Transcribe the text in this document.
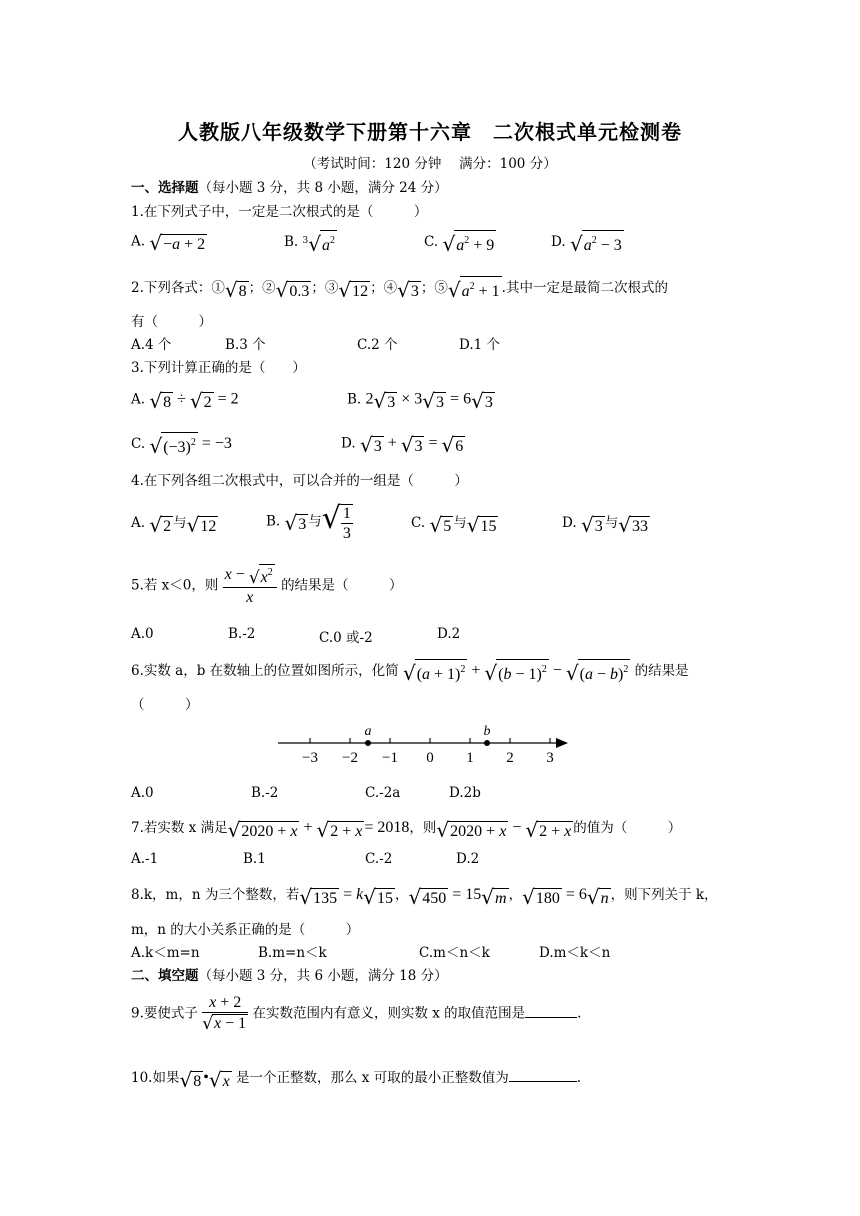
人教版八年级数学下册第十六章　二次根式单元检测卷
（考试时间：120 分钟　 满分：100 分）
一、选择题（每小题 3 分，共 8 小题，满分 24 分）
1.在下列式子中，一定是二次根式的是（　　　）
A. √−a + 2	B. $^3√a^2$	C. $√a^2 + 9$	D. $√a^2 - 3$
2.下列各式：①√8 ；②√0.3 ；③√12 ；④√3 ；$⑤√a^2 + 1$ .其中一定是最简二次根式的
有（　　　）
A.4 个	B.3 个	C.2 个	D.1 个
3.下列计算正确的是（　　）
A. √8 ÷ √2 = 2	B. 2√3 × 3√3 = 6√3
C. $√(-3)^2 = -3$	D. √3 + √3 = √6
4.在下列各组二次根式中，可以合并的一组是（　　　）
A. √2 与√12	B. √3 与√ $\frac{1}{3}$	C. √5 与√15	D. √3 与√33
5.若 x＜0，则 $\frac{x - √x^2}{x}$ 的结果是（　　　）
A.0	B.-2	C.0 或-2	D.2
6.实数 a，b 在数轴上的位置如图所示，化简 $√(a + 1)^2 + √(b - 1)^2 - √(a - b)^2$ 的结果是
（　　　）
−3 −2 −1 0 1 2 3
a	b
A.0	B.-2	C.-2a	D.2b
7.若实数 x 满足√2020 + x + √2 + x = 2018，则√2020 + x − √2 + x 的值为（　　　）
A.-1	B.1	C.-2	D.2
8.k，m，n 为三个整数，若√135 = k√15 ，√450 = 15√m ，√180 = 6√n ，则下列关于 k，
m，n 的大小关系正确的是（　　　）
A.k＜m=n	B.m=n＜k	C.m＜n＜k	D.m＜k＜n
二、填空题（每小题 3 分，共 6 小题，满分 18 分）
9.要使式子 $\frac{x + 2}{√x - 1}$ 在实数范围内有意义，则实数 x 的取值范围是	.
10.如果√8 •√x 是一个正整数，那么 x 可取的最小正整数值为	.
